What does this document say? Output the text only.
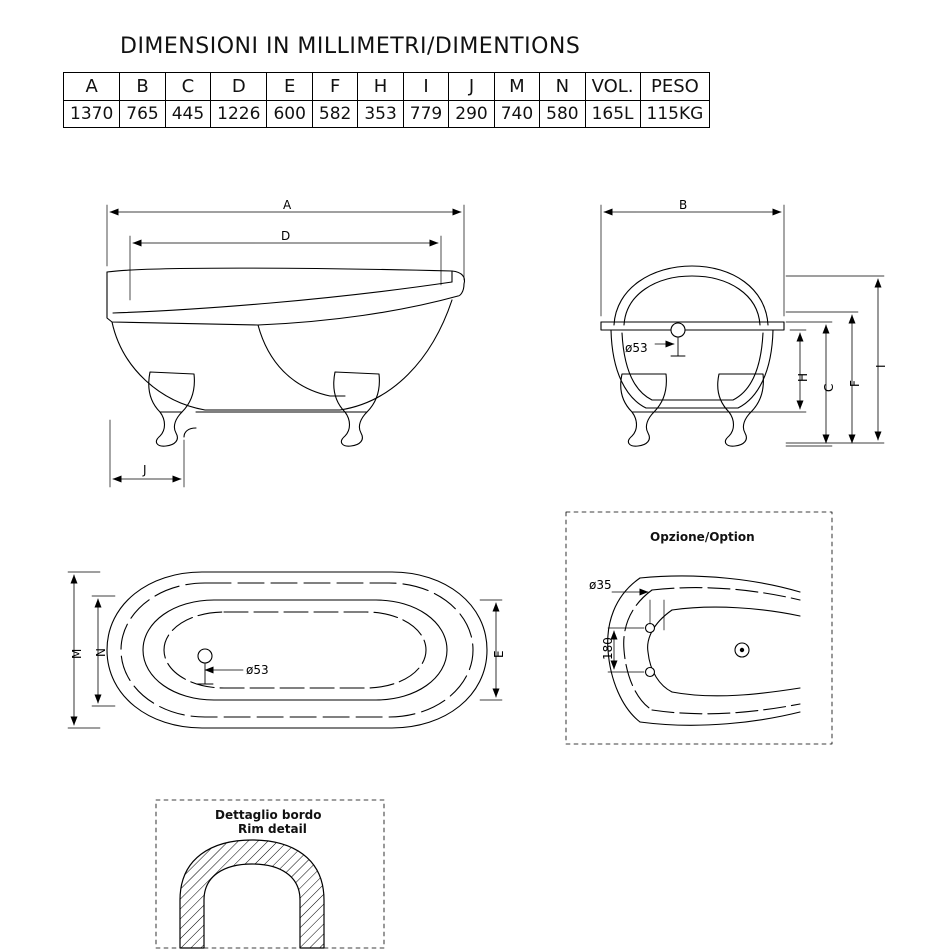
DIMENSIONI IN MILLIMETRI/DIMENTIONS
A	B	C	D	E	F	H	I	J	M	N	VOL.	PESO
1370	765	445	1226	600	582	353	779	290	740	580	165L	115KG
A
D
J
B
ø53
H
C
F
I
M N	E
ø53
Opzione/Option
ø35
180
Dettaglio bordo
Rim detail
